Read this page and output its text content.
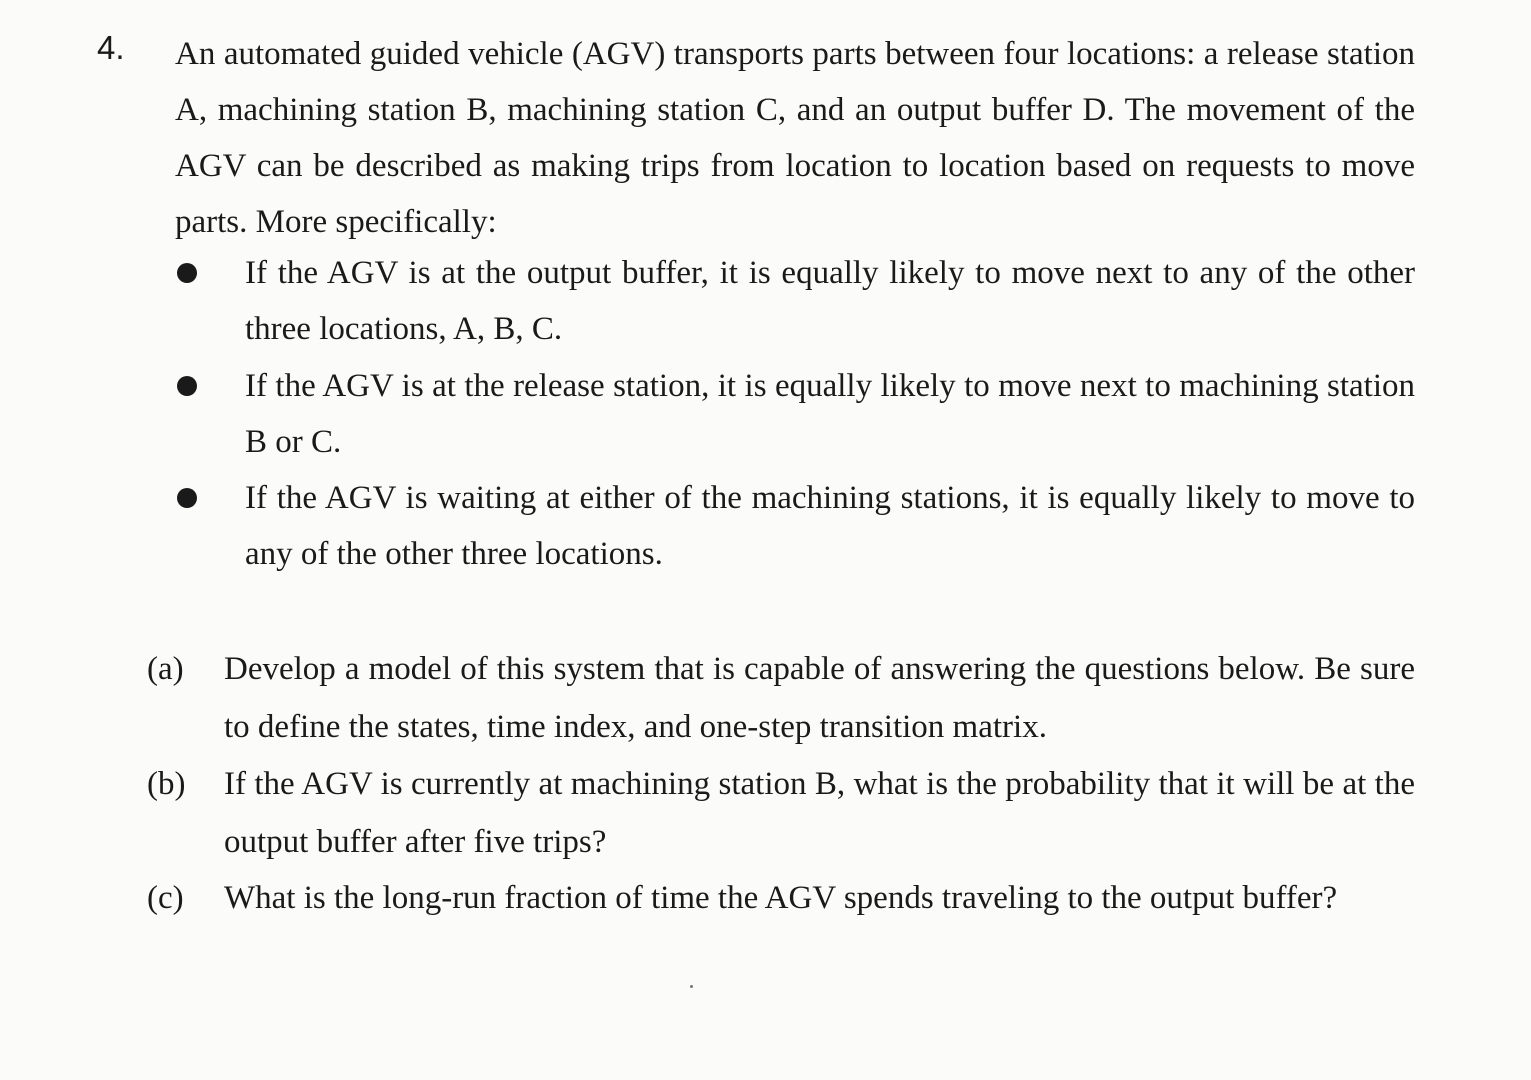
4. An automated guided vehicle (AGV) transports parts between four locations: a release station A, machining station B, machining station C, and an output buffer D. The movement of the AGV can be described as making trips from location to location based on requests to move parts. More specifically:
If the AGV is at the output buffer, it is equally likely to move next to any of the other three locations, A, B, C.
If the AGV is at the release station, it is equally likely to move next to machining station B or C.
If the AGV is waiting at either of the machining stations, it is equally likely to move to any of the other three locations.
(a) Develop a model of this system that is capable of answering the questions below. Be sure to define the states, time index, and one-step transition matrix.
(b) If the AGV is currently at machining station B, what is the probability that it will be at the output buffer after five trips?
(c) What is the long-run fraction of time the AGV spends traveling to the output buffer?
